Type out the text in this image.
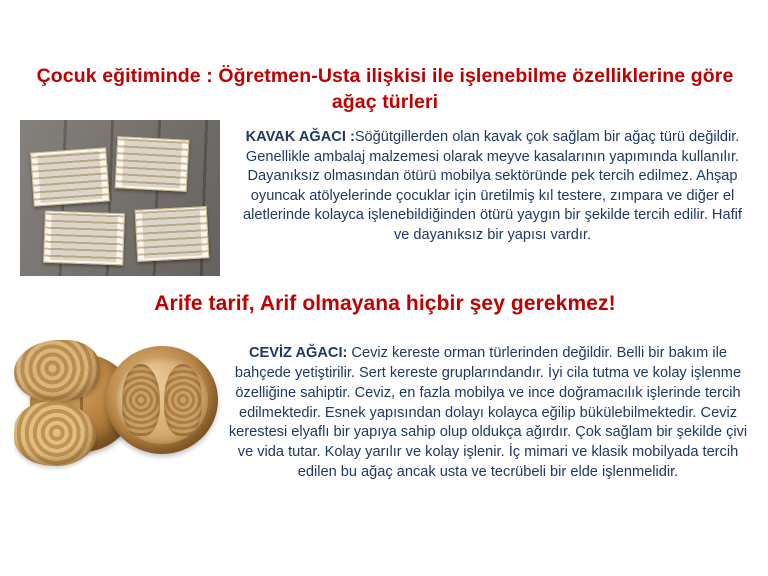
Çocuk eğitiminde : Öğretmen-Usta ilişkisi ile işlenebilme özelliklerine göre ağaç türleri
KAVAK AĞACI :Söğütgillerden olan kavak çok sağlam bir ağaç türü değildir. Genellikle ambalaj malzemesi olarak meyve kasalarının yapımında kullanılır. Dayanıksız olmasından ötürü mobilya sektöründe pek tercih edilmez. Ahşap oyuncak atölyelerinde çocuklar için üretilmiş kıl testere, zımpara ve diğer el aletlerinde kolayca işlenebildiğinden ötürü yaygın bir şekilde tercih edilir. Hafif ve dayanıksız bir yapısı vardır.
Arife tarif, Arif olmayana hiçbir şey gerekmez!
CEVİZ AĞACI: Ceviz kereste orman türlerinden değildir. Belli bir bakım ile bahçede yetiştirilir. Sert kereste gruplarındandır. İyi cila tutma ve kolay işlenme özelliğine sahiptir. Ceviz, en fazla mobilya ve ince doğramacılık işlerinde tercih edilmektedir. Esnek yapısından dolayı kolayca eğilip bükülebilmektedir. Ceviz kerestesi elyaflı bir yapıya sahip olup oldukça ağırdır. Çok sağlam bir şekilde çivi ve vida tutar. Kolay yarılır ve kolay işlenir. İç mimari ve klasik mobilyada tercih edilen bu ağaç ancak usta ve tecrübeli bir elde işlenmelidir.
